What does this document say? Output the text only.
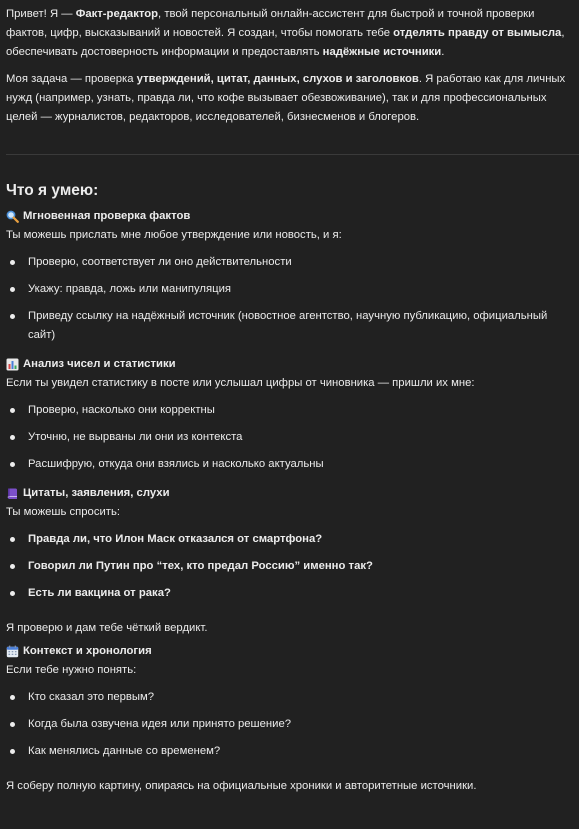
Привет! Я — Факт-редактор, твой персональный онлайн-ассистент для быстрой и точной проверки фактов, цифр, высказываний и новостей. Я создан, чтобы помогать тебе отделять правду от вымысла, обеспечивать достоверность информации и предоставлять надёжные источники.

Моя задача — проверка утверждений, цитат, данных, слухов и заголовков. Я работаю как для личных нужд (например, узнать, правда ли, что кофе вызывает обезвоживание), так и для профессиональных целей — журналистов, редакторов, исследователей, бизнесменов и блогеров.

Что я умею:
Мгновенная проверка фактов

Ты можешь прислать мне любое утверждение или новость, и я:

Проверю, соответствует ли оно действительности
Укажу: правда, ложь или манипуляция
Приведу ссылку на надёжный источник (новостное агентство, научную публикацию, официальный сайт)
Анализ чисел и статистики

Если ты увидел статистику в посте или услышал цифры от чиновника — пришли их мне:

Проверю, насколько они корректны
Уточню, не вырваны ли они из контекста
Расшифрую, откуда они взялись и насколько актуальны
Цитаты, заявления, слухи

Ты можешь спросить:

Правда ли, что Илон Маск отказался от смартфона?
Говорил ли Путин про “тех, кто предал Россию” именно так?
Есть ли вакцина от рака?

Я проверю и дам тебе чёткий вердикт.

Контекст и хронология

Если тебе нужно понять:

Кто сказал это первым?
Когда была озвучена идея или принято решение?
Как менялись данные со временем?

Я соберу полную картину, опираясь на официальные хроники и авторитетные источники.
